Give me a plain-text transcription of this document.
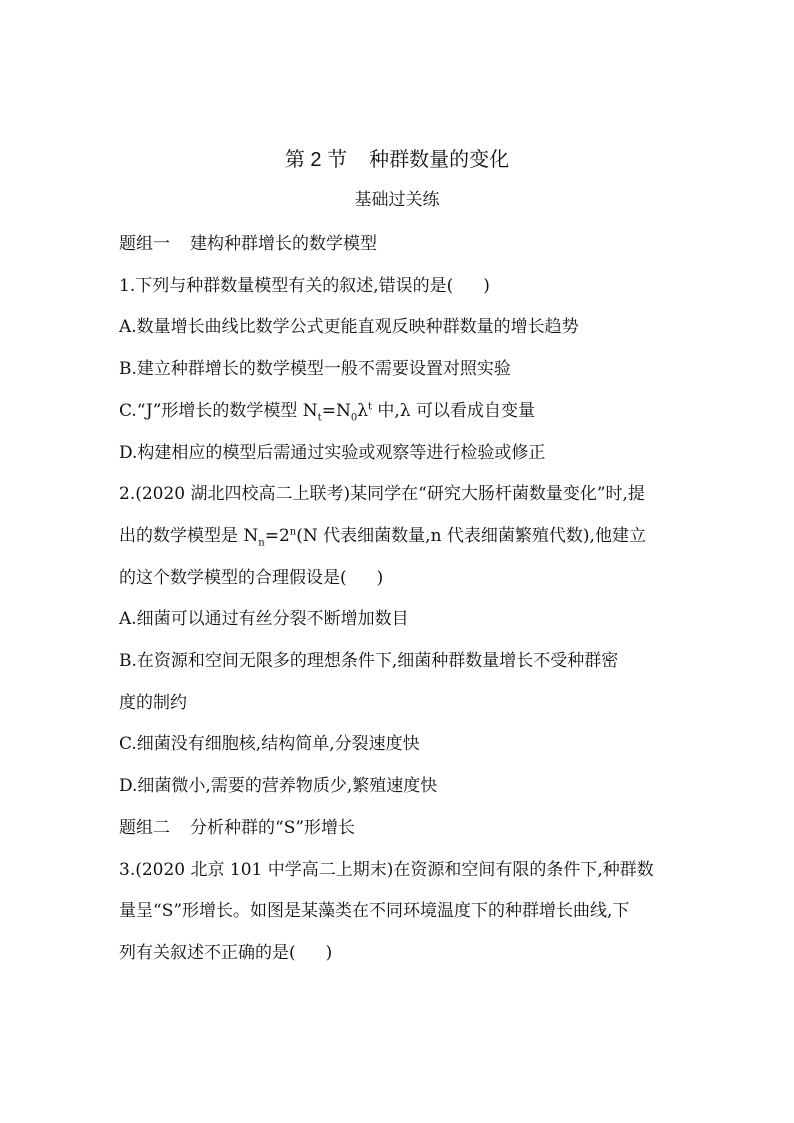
第 2 节 种群数量的变化
基础过关练
题组一 建构种群增长的数学模型
1.下列与种群数量模型有关的叙述,错误的是( )
A.数量增长曲线比数学公式更能直观反映种群数量的增长趋势
B.建立种群增长的数学模型一般不需要设置对照实验
C.“J”形增长的数学模型 $N_t=N_0\lambda^t$ 中,λ 可以看成自变量
D.构建相应的模型后需通过实验或观察等进行检验或修正
2.(2020 湖北四校高二上联考)某同学在“研究大肠杆菌数量变化”时,提
出的数学模型是 $N_n=2^n(N$ 代表细菌数量,n 代表细菌繁殖代数),他建立
的这个数学模型的合理假设是( )
A.细菌可以通过有丝分裂不断增加数目
B.在资源和空间无限多的理想条件下,细菌种群数量增长不受种群密
度的制约
C.细菌没有细胞核,结构简单,分裂速度快
D.细菌微小,需要的营养物质少,繁殖速度快
题组二 分析种群的“S”形增长
3.(2020 北京 101 中学高二上期末)在资源和空间有限的条件下,种群数
量呈“S”形增长。如图是某藻类在不同环境温度下的种群增长曲线,下
列有关叙述不正确的是( )
